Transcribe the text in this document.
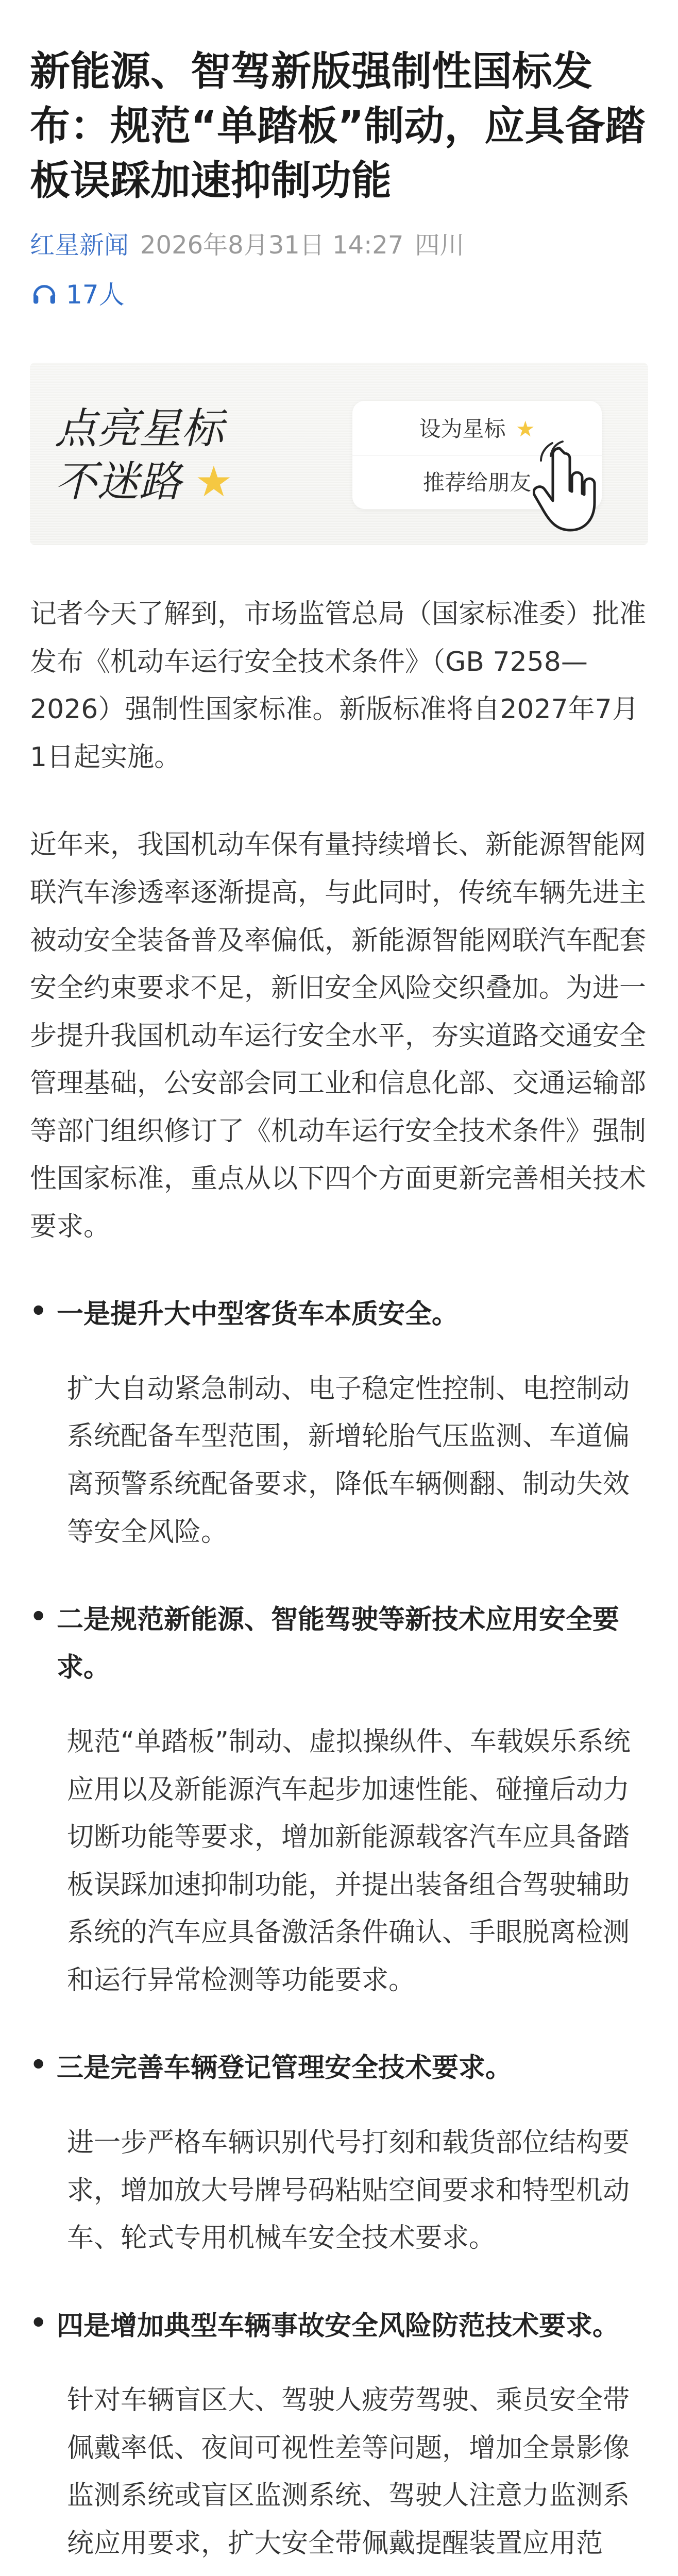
新能源、智驾新版强制性国标发布：规范“单踏板”制动，应具备踏板误踩加速抑制功能
红星新闻 2026年8月31日 14:27 四川
17人
点亮星标
不迷路 ★
设为星标 ★
推荐给朋友

记者今天了解到，市场监管总局（国家标准委）批准发布《机动车运行安全技术条件》（GB 7258—2026）强制性国家标准。新版标准将自2027年7月1日起实施。

近年来，我国机动车保有量持续增长、新能源智能网联汽车渗透率逐渐提高，与此同时，传统车辆先进主被动安全装备普及率偏低，新能源智能网联汽车配套安全约束要求不足，新旧安全风险交织叠加。为进一步提升我国机动车运行安全水平，夯实道路交通安全管理基础，公安部会同工业和信息化部、交通运输部等部门组织修订了《机动车运行安全技术条件》强制性国家标准，重点从以下四个方面更新完善相关技术要求。

• 一是提升大中型客货车本质安全。
扩大自动紧急制动、电子稳定性控制、电控制动系统配备车型范围，新增轮胎气压监测、车道偏离预警系统配备要求，降低车辆侧翻、制动失效等安全风险。
• 二是规范新能源、智能驾驶等新技术应用安全要求。
规范“单踏板”制动、虚拟操纵件、车载娱乐系统应用以及新能源汽车起步加速性能、碰撞后动力切断功能等要求，增加新能源载客汽车应具备踏板误踩加速抑制功能，并提出装备组合驾驶辅助系统的汽车应具备激活条件确认、手眼脱离检测和运行异常检测等功能要求。
• 三是完善车辆登记管理安全技术要求。
进一步严格车辆识别代号打刻和载货部位结构要求，增加放大号牌号码粘贴空间要求和特型机动车、轮式专用机械车安全技术要求。
• 四是增加典型车辆事故安全风险防范技术要求。
针对车辆盲区大、驾驶人疲劳驾驶、乘员安全带佩戴率低、夜间可视性差等问题，增加全景影像监测系统或盲区监测系统、驾驶人注意力监测系统应用要求，扩大安全带佩戴提醒装置应用范
